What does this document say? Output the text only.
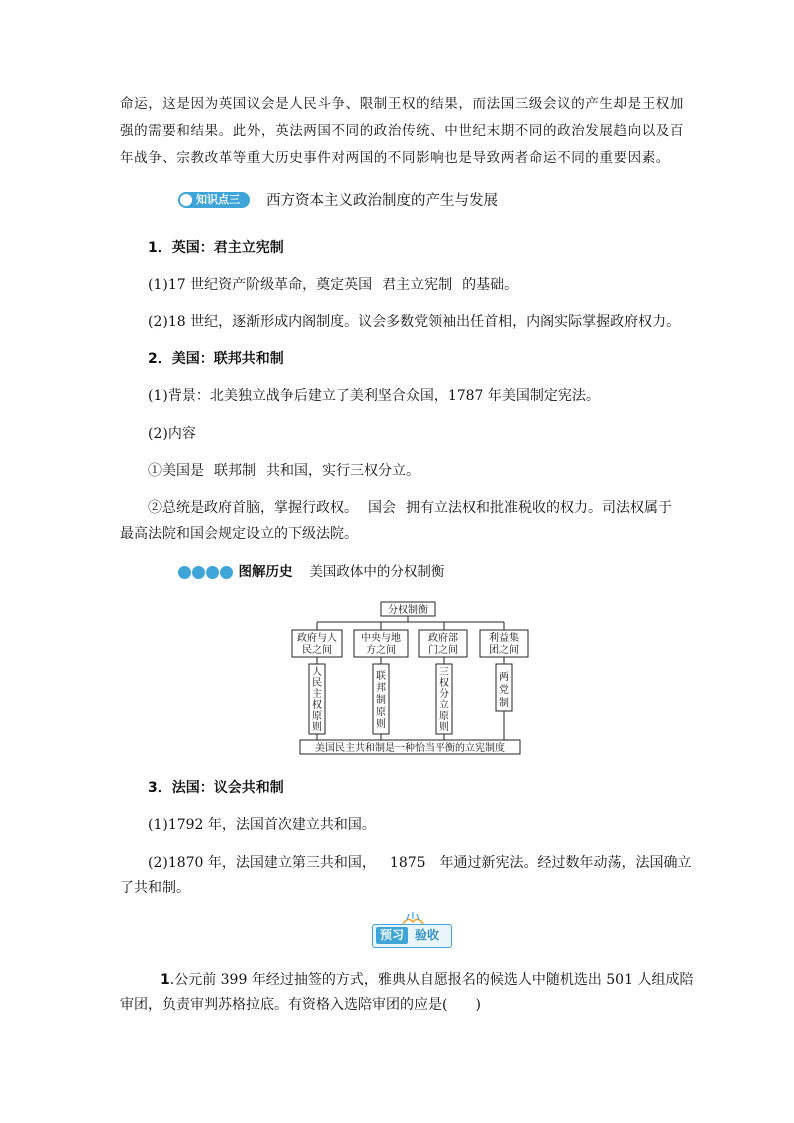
命运，这是因为英国议会是人民斗争、限制王权的结果，而法国三级会议的产生却是王权加
强的需要和结果。此外，英法两国不同的政治传统、中世纪末期不同的政治发展趋向以及百
年战争、宗教改革等重大历史事件对两国的不同影响也是导致两者命运不同的重要因素。
知识点三 西方资本主义政治制度的产生与发展
1．英国：君主立宪制
(1)17 世纪资产阶级革命，奠定英国 君主立宪制 的基础。
(2)18 世纪，逐渐形成内阁制度。议会多数党领袖出任首相，内阁实际掌握政府权力。
2．美国：联邦共和制
(1)背景：北美独立战争后建立了美利坚合众国，1787 年美国制定宪法。
(2)内容
①美国是 联邦制 共和国，实行三权分立。
②总统是政府首脑，掌握行政权。 国会 拥有立法权和批准税收的权力。司法权属于
最高法院和国会规定设立的下级法院。
图解历史 美国政体中的分权制衡
分权制衡
政府与人
民之间
中央与地
方之间
政府部
门之间
利益集
团之间
人
民
主
权
原
则
联
邦
制
原
则
三
权
分
立
原
则
两
党
制
美国民主共和制是一种恰当平衡的立宪制度
3．法国：议会共和制
(1)1792 年，法国首次建立共和国。
(2)1870 年，法国建立第三共和国， 1875 年通过新宪法。经过数年动荡，法国确立
了共和制。
预习 验收
1.公元前 399 年经过抽签的方式，雅典从自愿报名的候选人中随机选出 501 人组成陪
审团，负责审判苏格拉底。有资格入选陪审团的应是(　　)
